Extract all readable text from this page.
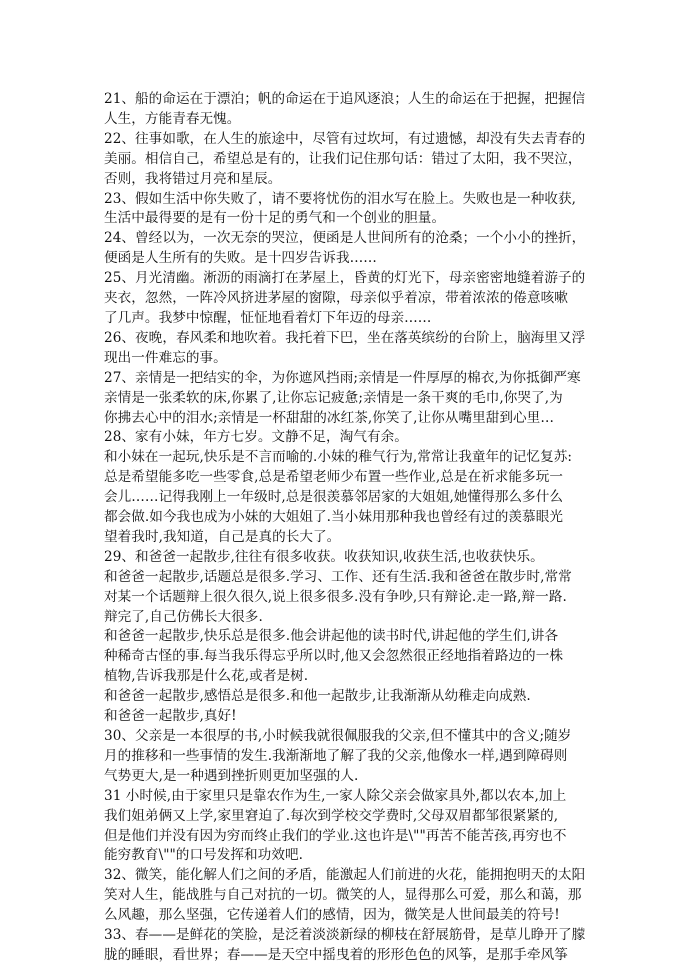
21、船的命运在于漂泊；帆的命运在于追风逐浪；人生的命运在于把握，把握信
人生，方能青春无愧。
22、往事如歌，在人生的旅途中，尽管有过坎坷，有过遗憾，却没有失去青春的
美丽。相信自己，希望总是有的，让我们记住那句话：错过了太阳，我不哭泣，
否则，我将错过月亮和星辰。
23、假如生活中你失败了，请不要将忧伤的泪水写在脸上。失败也是一种收获,
生活中最得要的是有一份十足的勇气和一个创业的胆量。
24、曾经以为，一次无奈的哭泣，便函是人世间所有的沧桑；一个小小的挫折，
便函是人生所有的失败。是十四岁告诉我……
25、月光清幽。淅沥的雨滴打在茅屋上，昏黄的灯光下，母亲密密地缝着游子的
夹衣，忽然，一阵冷风挤进茅屋的窗隙，母亲似乎着凉，带着浓浓的倦意咳嗽
了几声。我梦中惊醒，怔怔地看着灯下年迈的母亲……
26、夜晚，春风柔和地吹着。我托着下巴，坐在落英缤纷的台阶上，脑海里又浮
现出一件难忘的事。
27、亲情是一把结实的伞，为你遮风挡雨;亲情是一件厚厚的棉衣,为你抵御严寒
亲情是一张柔软的床,你累了,让你忘记疲惫;亲情是一条干爽的毛巾,你哭了,为
你拂去心中的泪水;亲情是一杯甜甜的冰红茶,你笑了,让你从嘴里甜到心里…
28、家有小妹，年方七岁。文静不足，淘气有余。
和小妹在一起玩,快乐是不言而喻的.小妹的稚气行为,常常让我童年的记忆复苏:
总是希望能多吃一些零食,总是希望老师少布置一些作业,总是在祈求能多玩一
会儿……记得我刚上一年级时,总是很羡慕邻居家的大姐姐,她懂得那么多什么
都会做.如今我也成为小妹的大姐姐了.当小妹用那种我也曾经有过的羡慕眼光
望着我时,我知道，自己是真的长大了。
29、和爸爸一起散步,往往有很多收获。收获知识,收获生活,也收获快乐。
和爸爸一起散步,话题总是很多.学习、工作、还有生活.我和爸爸在散步时,常常
对某一个话题辩上很久很久,说上很多很多.没有争吵,只有辩论.走一路,辩一路.
辩完了,自己仿佛长大很多.
和爸爸一起散步,快乐总是很多.他会讲起他的读书时代,讲起他的学生们,讲各
种稀奇古怪的事.每当我乐得忘乎所以时,他又会忽然很正经地指着路边的一株
植物,告诉我那是什么花,或者是树.
和爸爸一起散步,感悟总是很多.和他一起散步,让我渐渐从幼稚走向成熟.
和爸爸一起散步,真好!
30、父亲是一本很厚的书,小时候我就很佩服我的父亲,但不懂其中的含义;随岁
月的推移和一些事情的发生.我渐渐地了解了我的父亲,他像水一样,遇到障碍则
气势更大,是一种遇到挫折则更加坚强的人.
31 小时候,由于家里只是靠农作为生,一家人除父亲会做家具外,都以农本,加上
我们姐弟俩又上学,家里窘迫了.每次到学校交学费时,父母双眉都邹很紧紧的,
但是他们并没有因为穷而终止我们的学业.这也许是\""再苦不能苦孩,再穷也不
能穷教育\""的口号发挥和功效吧.
32、微笑，能化解人们之间的矛盾，能激起人们前进的火花，能拥抱明天的太阳
笑对人生，能战胜与自己对抗的一切。微笑的人，显得那么可爱，那么和蔼，那
么风趣，那么坚强，它传递着人们的感情，因为，微笑是人世间最美的符号!
33、春——是鲜花的笑脸，是泛着淡淡新绿的柳枝在舒展筋骨，是草儿睁开了朦
胧的睡眼，看世界；春——是天空中摇曳着的形形色色的风筝，是那手牵风筝
